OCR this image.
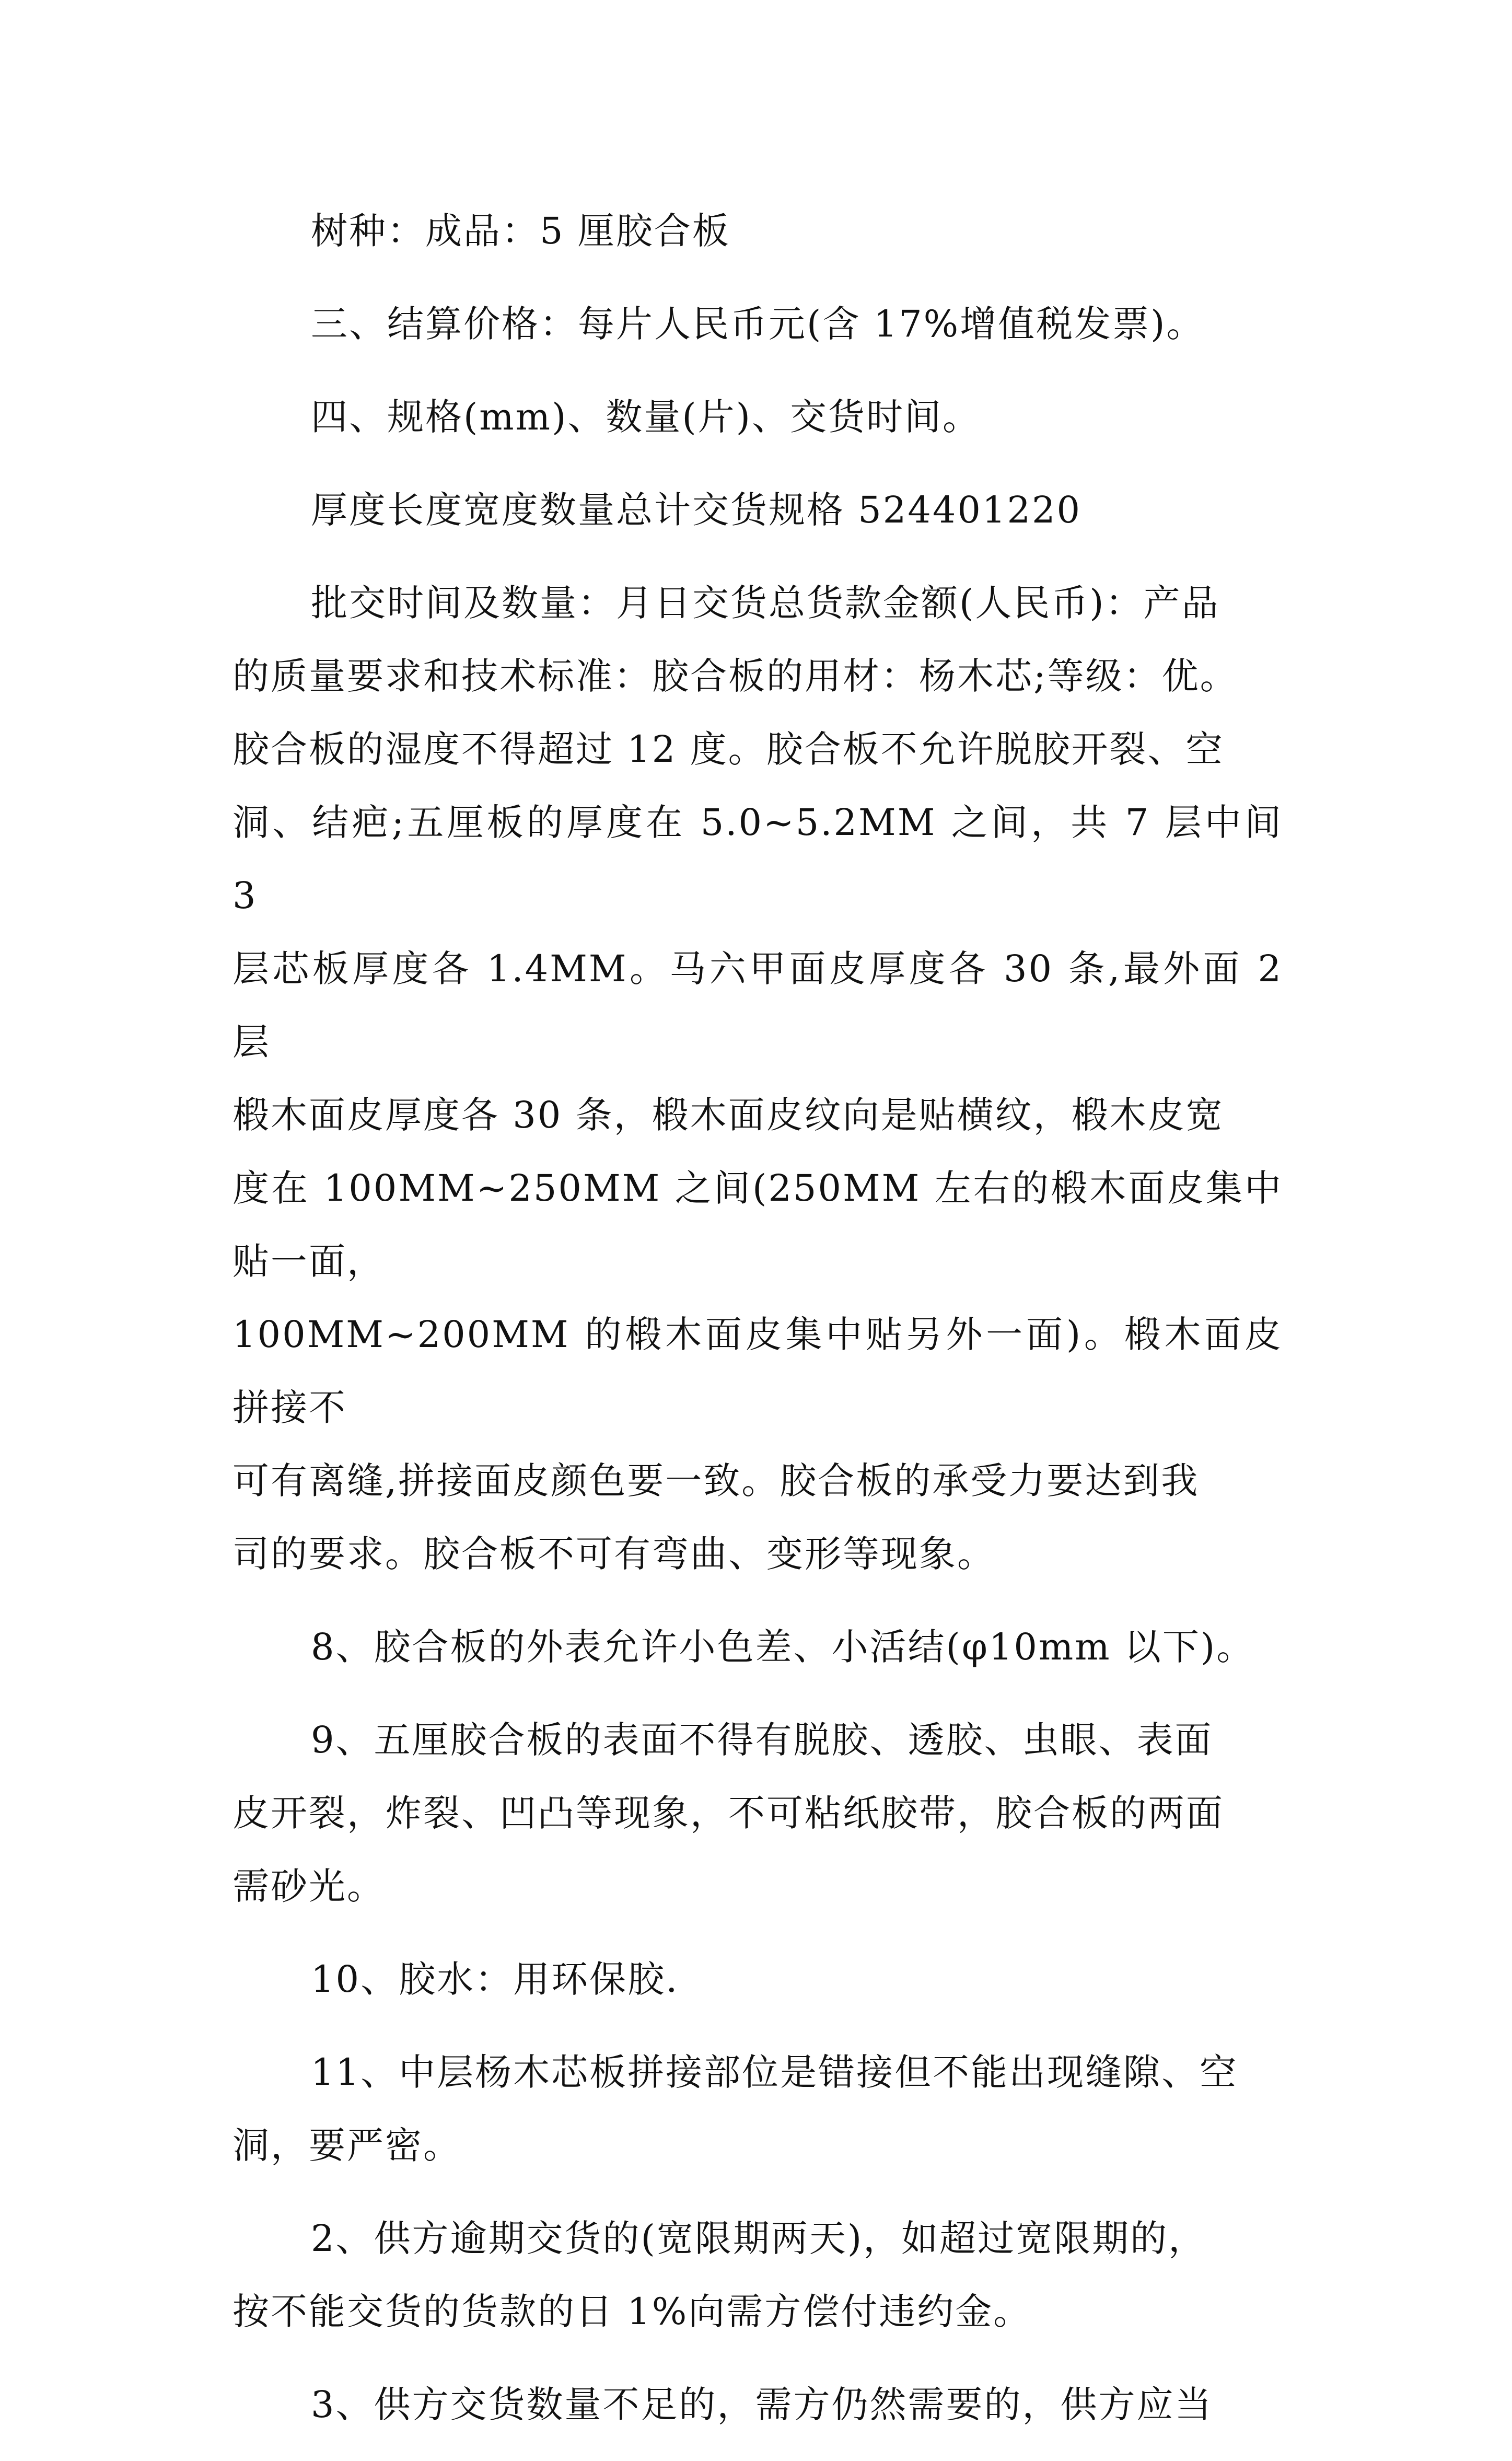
树种：成品：5 厘胶合板

三、结算价格：每片人民币元(含 17%增值税发票)。

四、规格(mm)、数量(片)、交货时间。

厚度长度宽度数量总计交货规格 524401220

批交时间及数量：月日交货总货款金额(人民币)：产品
的质量要求和技术标准：胶合板的用材：杨木芯;等级：优。
胶合板的湿度不得超过 12 度。胶合板不允许脱胶开裂、空
洞、结疤;五厘板的厚度在 5.0~5.2MM 之间，共 7 层中间 3
层芯板厚度各 1.4MM。马六甲面皮厚度各 30 条,最外面 2 层
椴木面皮厚度各 30 条，椴木面皮纹向是贴横纹，椴木皮宽
度在 100MM~250MM 之间(250MM 左右的椴木面皮集中贴一面，
100MM~200MM 的椴木面皮集中贴另外一面)。椴木面皮拼接不
可有离缝,拼接面皮颜色要一致。胶合板的承受力要达到我
司的要求。胶合板不可有弯曲、变形等现象。

8、胶合板的外表允许小色差、小活结(φ10mm 以下)。

9、五厘胶合板的表面不得有脱胶、透胶、虫眼、表面
皮开裂，炸裂、凹凸等现象，不可粘纸胶带，胶合板的两面
需砂光。

10、胶水：用环保胶.

11、中层杨木芯板拼接部位是错接但不能出现缝隙、空
洞，要严密。

2、供方逾期交货的(宽限期两天)，如超过宽限期的，
按不能交货的货款的日 1%向需方偿付违约金。

3、供方交货数量不足的，需方仍然需要的，供方应当
